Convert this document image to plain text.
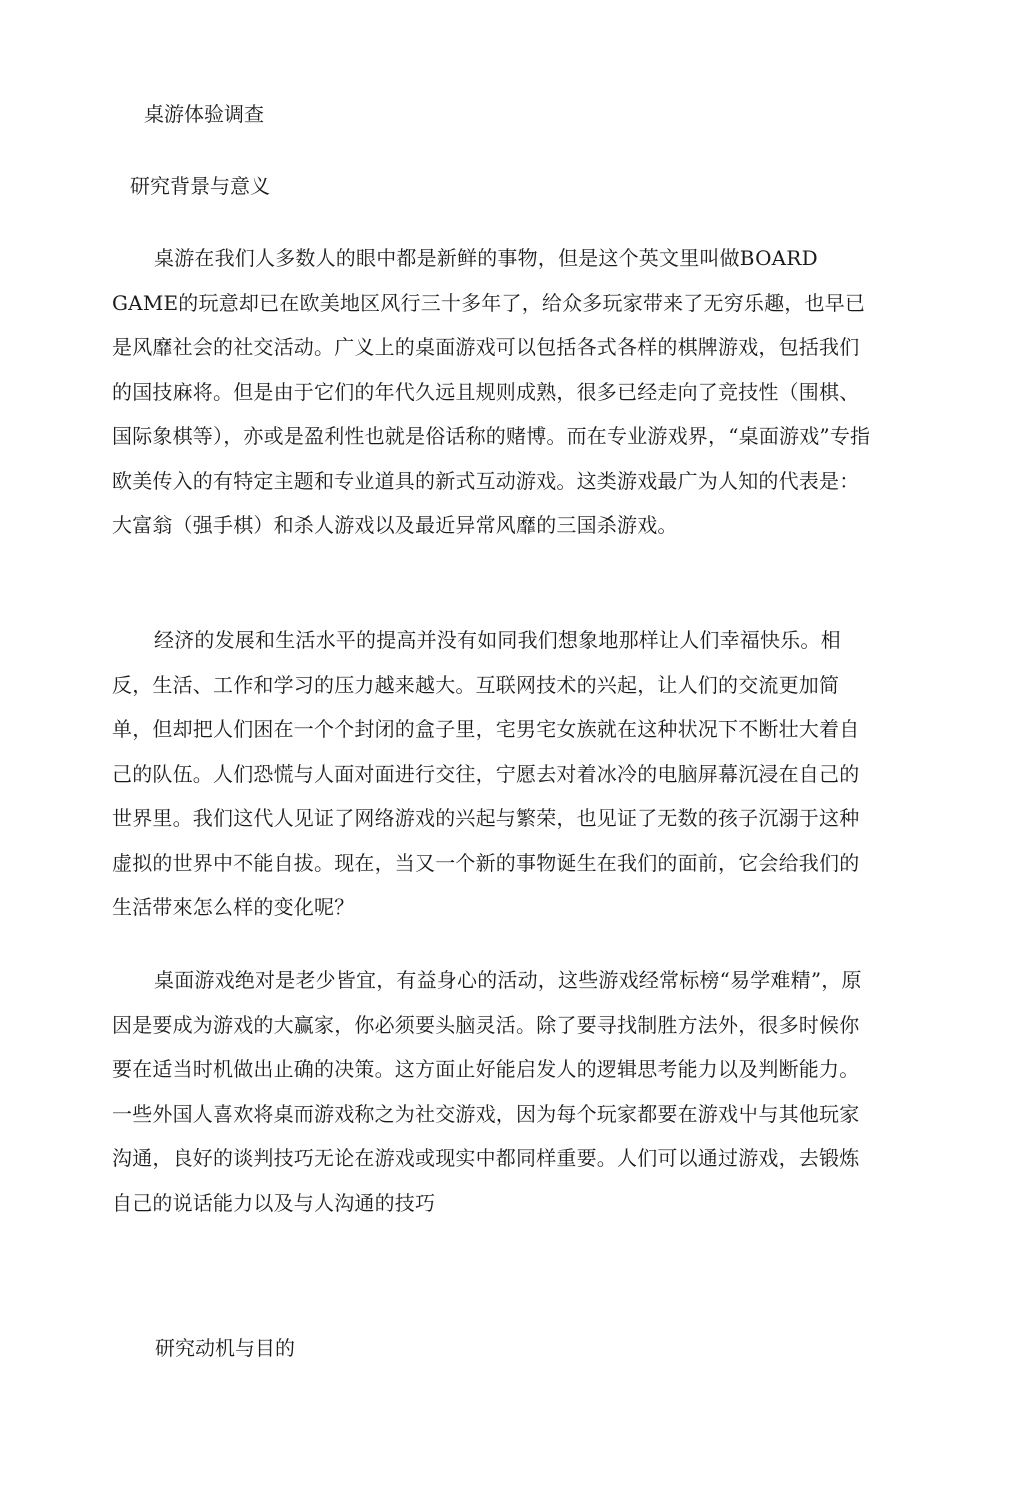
桌游体验调查
研究背景与意义
桌游在我们人多数人的眼中都是新鲜的事物，但是这个英文里叫做BOARD GAME的玩意却已在欧美地区风行三十多年了，给众多玩家带来了无穷乐趣，也早已是风靡社会的社交活动。广义上的桌面游戏可以包括各式各样的棋牌游戏，包括我们的国技麻将。但是由于它们的年代久远且规则成熟，很多已经走向了竞技性（围棋、国际象棋等），亦或是盈利性也就是俗话称的赌博。而在专业游戏界，“桌面游戏”专指欧美传入的有特定主题和专业道具的新式互动游戏。这类游戏最广为人知的代表是：大富翁（强手棋）和杀人游戏以及最近异常风靡的三国杀游戏。
经济的发展和生活水平的提高并没有如同我们想象地那样让人们幸福快乐。相反，生活、工作和学习的压力越来越大。互联网技术的兴起，让人们的交流更加简单，但却把人们困在一个个封闭的盒子里，宅男宅女族就在这种状况下不断壮大着自己的队伍。人们恐慌与人面对面进行交往，宁愿去对着冰冷的电脑屏幕沉浸在自己的世界里。我们这代人见证了网络游戏的兴起与繁荣，也见证了无数的孩子沉溺于这种虚拟的世界中不能自拔。现在，当又一个新的事物诞生在我们的面前，它会给我们的生活带來怎么样的变化呢？
桌面游戏绝对是老少皆宜，有益身心的活动，这些游戏经常标榜“易学难精”，原因是要成为游戏的大赢家，你必须要头脑灵活。除了要寻找制胜方法外，很多时候你要在适当时机做出止确的决策。这方面止好能启发人的逻辑思考能力以及判断能力。一些外国人喜欢将桌而游戏称之为社交游戏，因为每个玩家都要在游戏屮与其他玩家沟通，良好的谈判技巧无论在游戏或现实中都同样重要。人们可以通过游戏，去锻炼自己的说话能力以及与人沟通的技巧
研究动机与目的
